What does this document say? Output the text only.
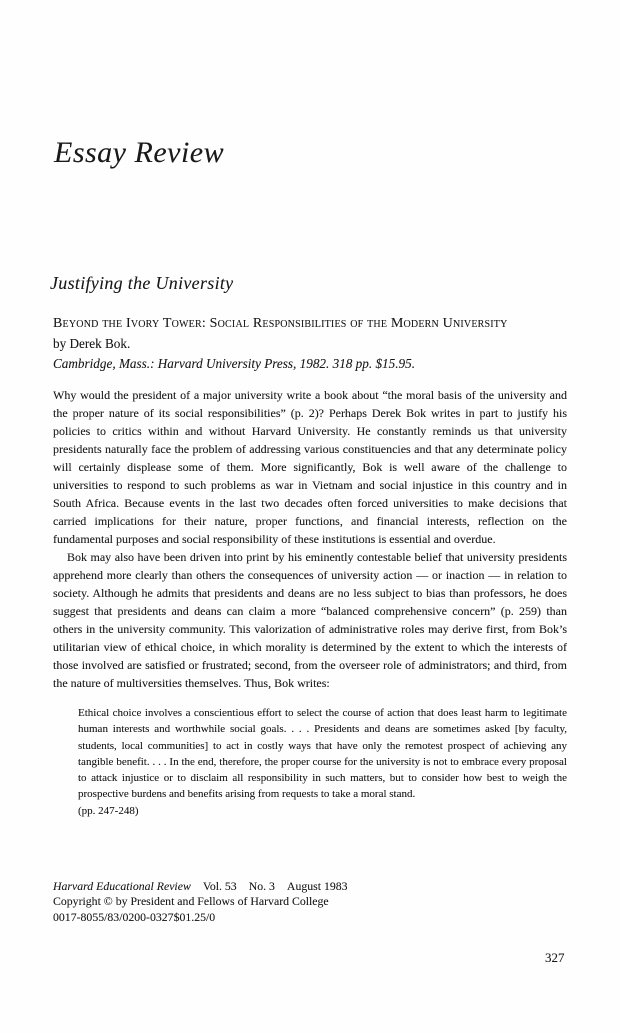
Essay Review
Justifying the University
Beyond the Ivory Tower: Social Responsibilities of the Modern University
by Derek Bok.
Cambridge, Mass.: Harvard University Press, 1982. 318 pp. $15.95.

Why would the president of a major university write a book about “the moral basis of the university and the proper nature of its social responsibilities” (p. 2)? Perhaps Derek Bok writes in part to justify his policies to critics within and without Harvard University. He constantly reminds us that university presidents naturally face the problem of addressing various constituencies and that any determinate policy will certainly displease some of them. More significantly, Bok is well aware of the challenge to universities to respond to such problems as war in Vietnam and social injustice in this country and in South Africa. Because events in the last two decades often forced universities to make decisions that carried implications for their nature, proper functions, and financial interests, reflection on the fundamental purposes and social responsibility of these institutions is essential and overdue.

Bok may also have been driven into print by his eminently contestable belief that university presidents apprehend more clearly than others the consequences of university action — or inaction — in relation to society. Although he admits that presidents and deans are no less subject to bias than professors, he does suggest that presidents and deans can claim a more “balanced comprehensive concern” (p. 259) than others in the university community. This valorization of administrative roles may derive first, from Bok’s utilitarian view of ethical choice, in which morality is determined by the extent to which the interests of those involved are satisfied or frustrated; second, from the overseer role of administrators; and third, from the nature of multiversities themselves. Thus, Bok writes:

Ethical choice involves a conscientious effort to select the course of action that does least harm to legitimate human interests and worthwhile social goals. . . . Presidents and deans are sometimes asked [by faculty, students, local communities] to act in costly ways that have only the remotest prospect of achieving any tangible benefit. . . . In the end, therefore, the proper course for the university is not to embrace every proposal to attack injustice or to disclaim all responsibility in such matters, but to consider how best to weigh the prospective burdens and benefits arising from requests to take a moral stand.
(pp. 247-248)
Harvard Educational Review Vol. 53 No. 3 August 1983
Copyright © by President and Fellows of Harvard College
0017-8055/83/0200-0327$01.25/0
327
